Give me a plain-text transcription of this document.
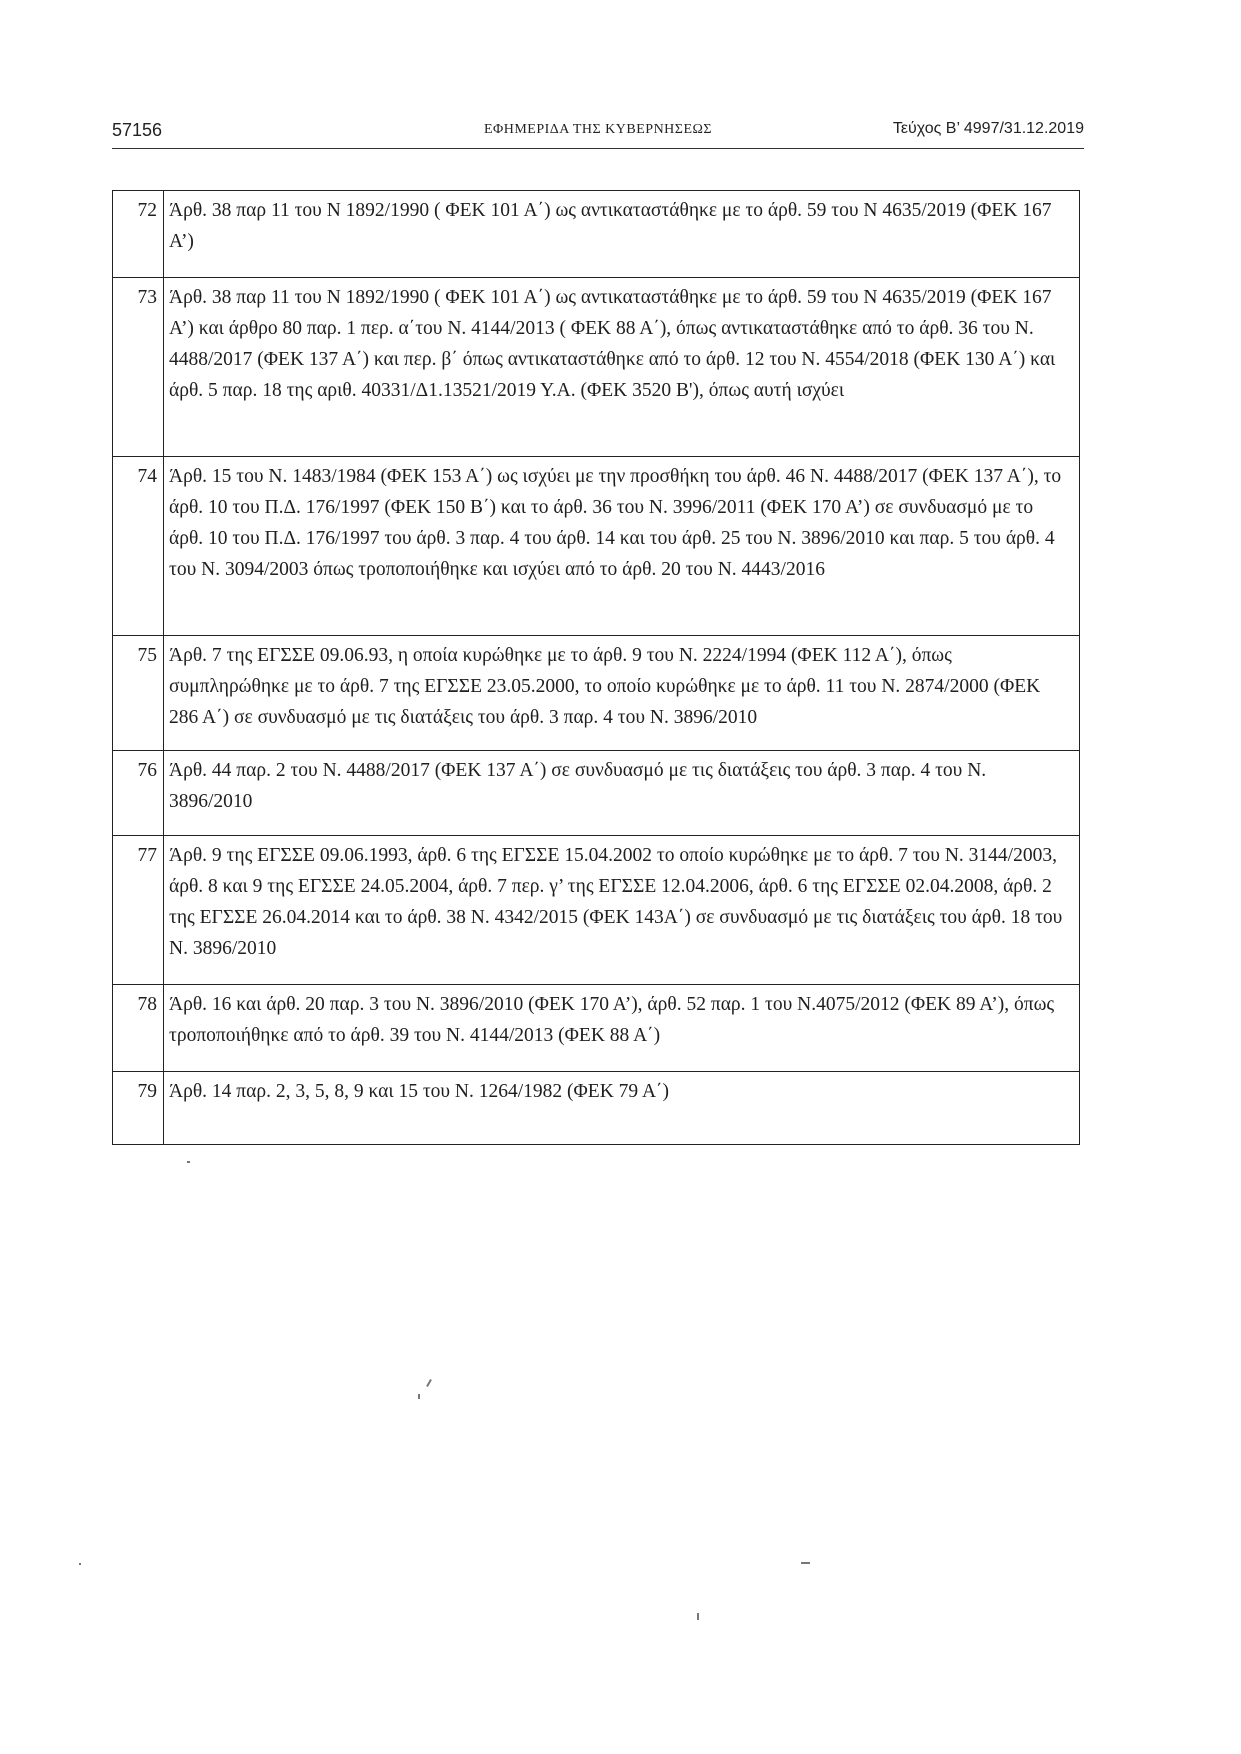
57156	ΕΦΗΜΕΡΙΔΑ ΤΗΣ ΚΥΒΕΡΝΗΣΕΩΣ	Τεύχος Β’ 4997/31.12.2019
72	Άρθ. 38 παρ 11 του Ν 1892/1990 ( ΦΕΚ 101 Α΄) ως αντικαταστάθηκε με το άρθ. 59 του Ν 4635/2019 (ΦΕΚ 167 Α’)
73	Άρθ. 38 παρ 11 του Ν 1892/1990 ( ΦΕΚ 101 Α΄) ως αντικαταστάθηκε με το άρθ. 59 του Ν 4635/2019 (ΦΕΚ 167 Α’) και άρθρο 80 παρ. 1 περ. α΄του Ν. 4144/2013 ( ΦΕΚ 88 Α΄), όπως αντικαταστάθηκε από το άρθ. 36 του Ν. 4488/2017 (ΦΕΚ 137 Α΄) και περ. β΄ όπως αντικαταστάθηκε από το άρθ. 12 του Ν. 4554/2018 (ΦΕΚ 130 Α΄) και άρθ. 5 παρ. 18 της αριθ. 40331/Δ1.13521/2019 Υ.Α. (ΦΕΚ 3520 Β'), όπως αυτή ισχύει
74	Άρθ. 15 του Ν. 1483/1984 (ΦΕΚ 153 Α΄) ως ισχύει με την προσθήκη του άρθ. 46 Ν. 4488/2017 (ΦΕΚ 137 Α΄), το άρθ. 10 του Π.Δ. 176/1997 (ΦΕΚ 150 Β΄) και το άρθ. 36 του Ν. 3996/2011 (ΦΕΚ 170 Α’) σε συνδυασμό με το άρθ. 10 του Π.Δ. 176/1997 του άρθ. 3 παρ. 4 του άρθ. 14 και του άρθ. 25 του Ν. 3896/2010 και παρ. 5 του άρθ. 4 του Ν. 3094/2003 όπως τροποποιήθηκε και ισχύει από το άρθ. 20 του Ν. 4443/2016
75	Άρθ. 7 της ΕΓΣΣΕ 09.06.93, η οποία κυρώθηκε με το άρθ. 9 του Ν. 2224/1994 (ΦΕΚ 112 Α΄), όπως συμπληρώθηκε με το άρθ. 7 της ΕΓΣΣΕ 23.05.2000, το οποίο κυρώθηκε με το άρθ. 11 του Ν. 2874/2000 (ΦΕΚ 286 Α΄) σε συνδυασμό με τις διατάξεις του άρθ. 3 παρ. 4 του Ν. 3896/2010
76	Άρθ. 44 παρ. 2 του Ν. 4488/2017 (ΦΕΚ 137 Α΄) σε συνδυασμό με τις διατάξεις του άρθ. 3 παρ. 4 του Ν. 3896/2010
77	Άρθ. 9 της ΕΓΣΣΕ 09.06.1993, άρθ. 6 της ΕΓΣΣΕ 15.04.2002 το οποίο κυρώθηκε με το άρθ. 7 του Ν. 3144/2003, άρθ. 8 και 9 της ΕΓΣΣΕ 24.05.2004, άρθ. 7 περ. γ’ της ΕΓΣΣΕ 12.04.2006, άρθ. 6 της ΕΓΣΣΕ 02.04.2008, άρθ. 2 της ΕΓΣΣΕ 26.04.2014 και το άρθ. 38 Ν. 4342/2015 (ΦΕΚ 143Α΄) σε συνδυασμό με τις διατάξεις του άρθ. 18 του Ν. 3896/2010
78	Άρθ. 16 και άρθ. 20 παρ. 3 του Ν. 3896/2010 (ΦΕΚ 170 Α’), άρθ. 52 παρ. 1 του Ν.4075/2012 (ΦΕΚ 89 Α’), όπως τροποποιήθηκε από το άρθ. 39 του Ν. 4144/2013 (ΦΕΚ 88 Α΄)
79	Άρθ. 14 παρ. 2, 3, 5, 8, 9 και 15 του Ν. 1264/1982 (ΦΕΚ 79 Α΄)
